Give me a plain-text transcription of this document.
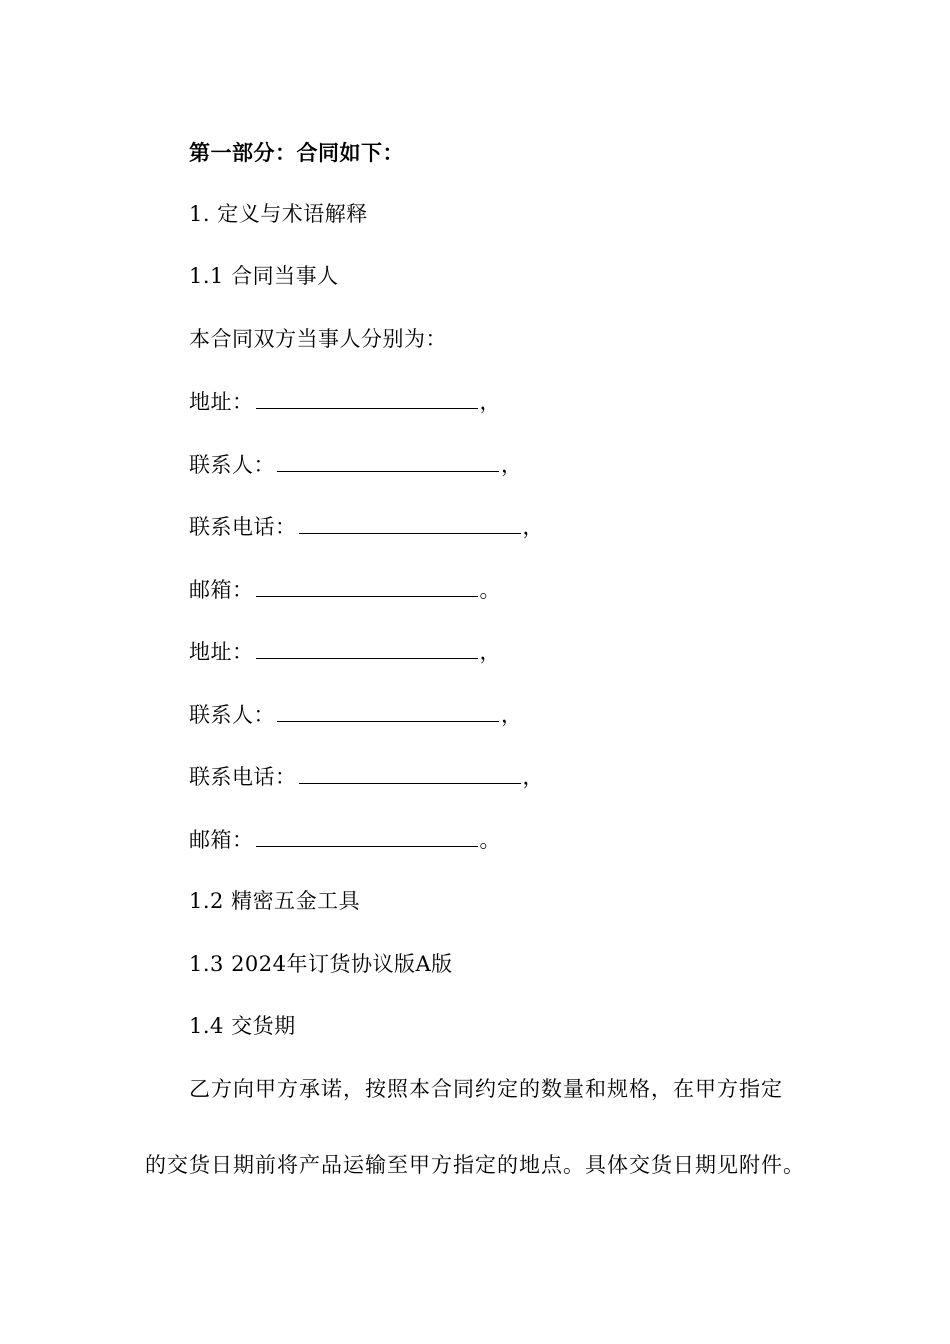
第一部分：合同如下：
1. 定义与术语解释
1.1 合同当事人
本合同双方当事人分别为：
地址：	，
联系人：	，
联系电话：	，
邮箱：	。
地址：	，
联系人：	，
联系电话：	，
邮箱：	。
1.2 精密五金工具
1.3 2024年订货协议版A版
1.4 交货期
乙方向甲方承诺，按照本合同约定的数量和规格，在甲方指定
的交货日期前将产品运输至甲方指定的地点。具体交货日期见附件。
